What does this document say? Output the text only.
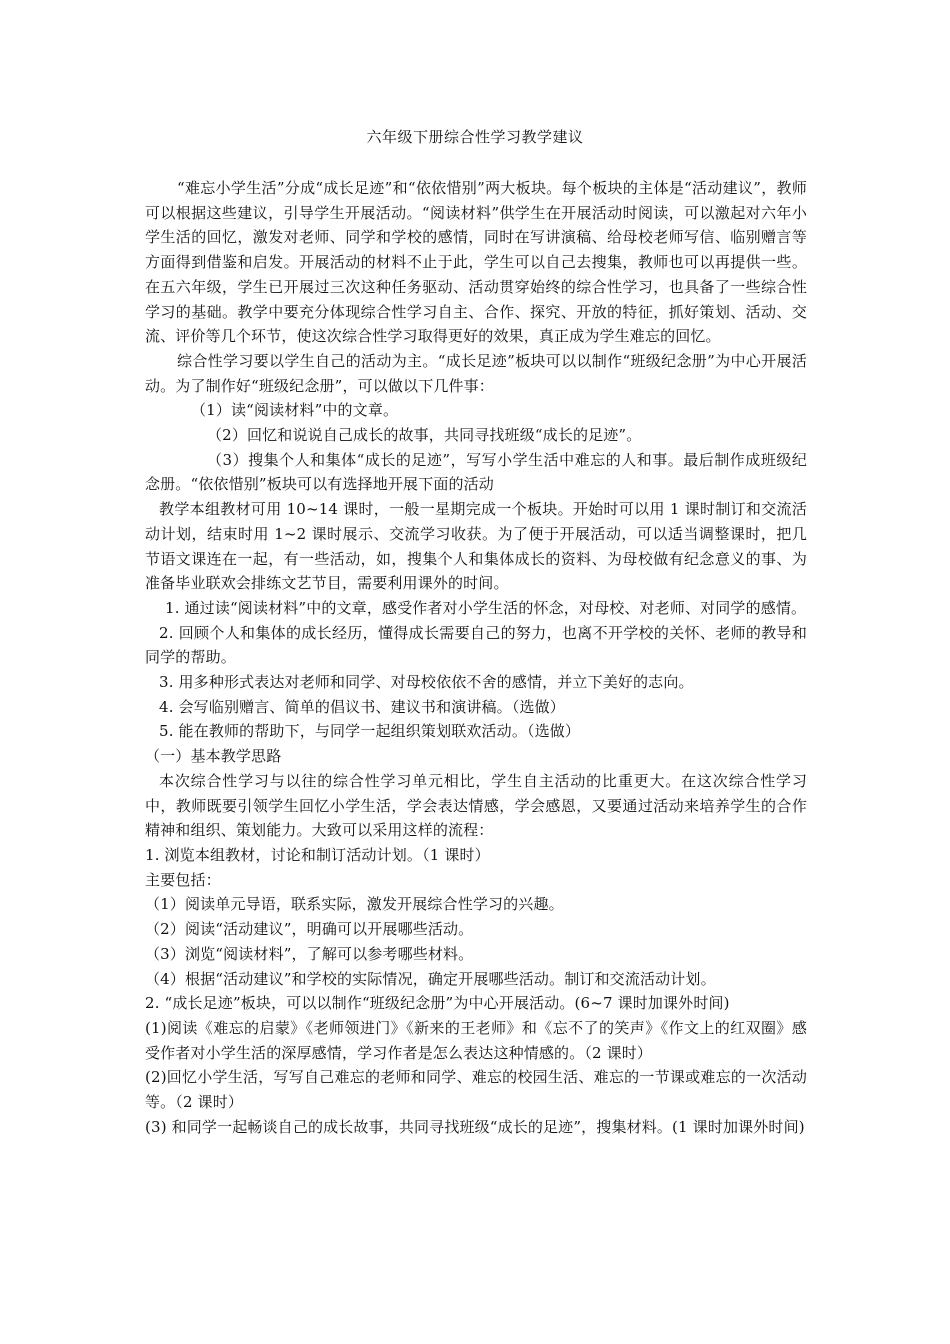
六年级下册综合性学习教学建议

“难忘小学生活”分成“成长足迹”和“依依惜别”两大板块。每个板块的主体是“活动建议”，教师可以根据这些建议，引导学生开展活动。“阅读材料”供学生在开展活动时阅读，可以激起对六年小学生活的回忆，激发对老师、同学和学校的感情，同时在写讲演稿、给母校老师写信、临别赠言等方面得到借鉴和启发。开展活动的材料不止于此，学生可以自己去搜集，教师也可以再提供一些。在五六年级，学生已开展过三次这种任务驱动、活动贯穿始终的综合性学习，也具备了一些综合性学习的基础。教学中要充分体现综合性学习自主、合作、探究、开放的特征，抓好策划、活动、交流、评价等几个环节，使这次综合性学习取得更好的效果，真正成为学生难忘的回忆。

综合性学习要以学生自己的活动为主。“成长足迹”板块可以以制作“班级纪念册”为中心开展活动。为了制作好“班级纪念册”，可以做以下几件事：

（1）读“阅读材料”中的文章。

（2）回忆和说说自己成长的故事，共同寻找班级“成长的足迹”。

（3）搜集个人和集体“成长的足迹”，写写小学生活中难忘的人和事。最后制作成班级纪念册。“依依惜别”板块可以有选择地开展下面的活动

教学本组教材可用 10~14 课时，一般一星期完成一个板块。开始时可以用 1 课时制订和交流活动计划，结束时用 1~2 课时展示、交流学习收获。为了便于开展活动，可以适当调整课时，把几节语文课连在一起，有一些活动，如，搜集个人和集体成长的资料、为母校做有纪念意义的事、为准备毕业联欢会排练文艺节目，需要利用课外的时间。

1. 通过读“阅读材料”中的文章，感受作者对小学生活的怀念，对母校、对老师、对同学的感情。

2. 回顾个人和集体的成长经历，懂得成长需要自己的努力，也离不开学校的关怀、老师的教导和同学的帮助。

3. 用多种形式表达对老师和同学、对母校依依不舍的感情，并立下美好的志向。

4. 会写临别赠言、简单的倡议书、建议书和演讲稿。（选做）

5. 能在教师的帮助下，与同学一起组织策划联欢活动。（选做）

（一）基本教学思路

本次综合性学习与以往的综合性学习单元相比，学生自主活动的比重更大。在这次综合性学习中，教师既要引领学生回忆小学生活，学会表达情感，学会感恩，又要通过活动来培养学生的合作精神和组织、策划能力。大致可以采用这样的流程：

1. 浏览本组教材，讨论和制订活动计划。（1 课时）

主要包括：

（1）阅读单元导语，联系实际，激发开展综合性学习的兴趣。

（2）阅读“活动建议”，明确可以开展哪些活动。

（3）浏览“阅读材料”，了解可以参考哪些材料。

（4）根据“活动建议”和学校的实际情况，确定开展哪些活动。制订和交流活动计划。

2. “成长足迹”板块，可以以制作“班级纪念册”为中心开展活动。(6~7 课时加课外时间)

(1)阅读《难忘的启蒙》《老师领进门》《新来的王老师》和《忘不了的笑声》《作文上的红双圈》感受作者对小学生活的深厚感情，学习作者是怎么表达这种情感的。（2 课时）

(2)回忆小学生活，写写自己难忘的老师和同学、难忘的校园生活、难忘的一节课或难忘的一次活动等。（2 课时）

(3) 和同学一起畅谈自己的成长故事，共同寻找班级“成长的足迹”，搜集材料。(1 课时加课外时间)
